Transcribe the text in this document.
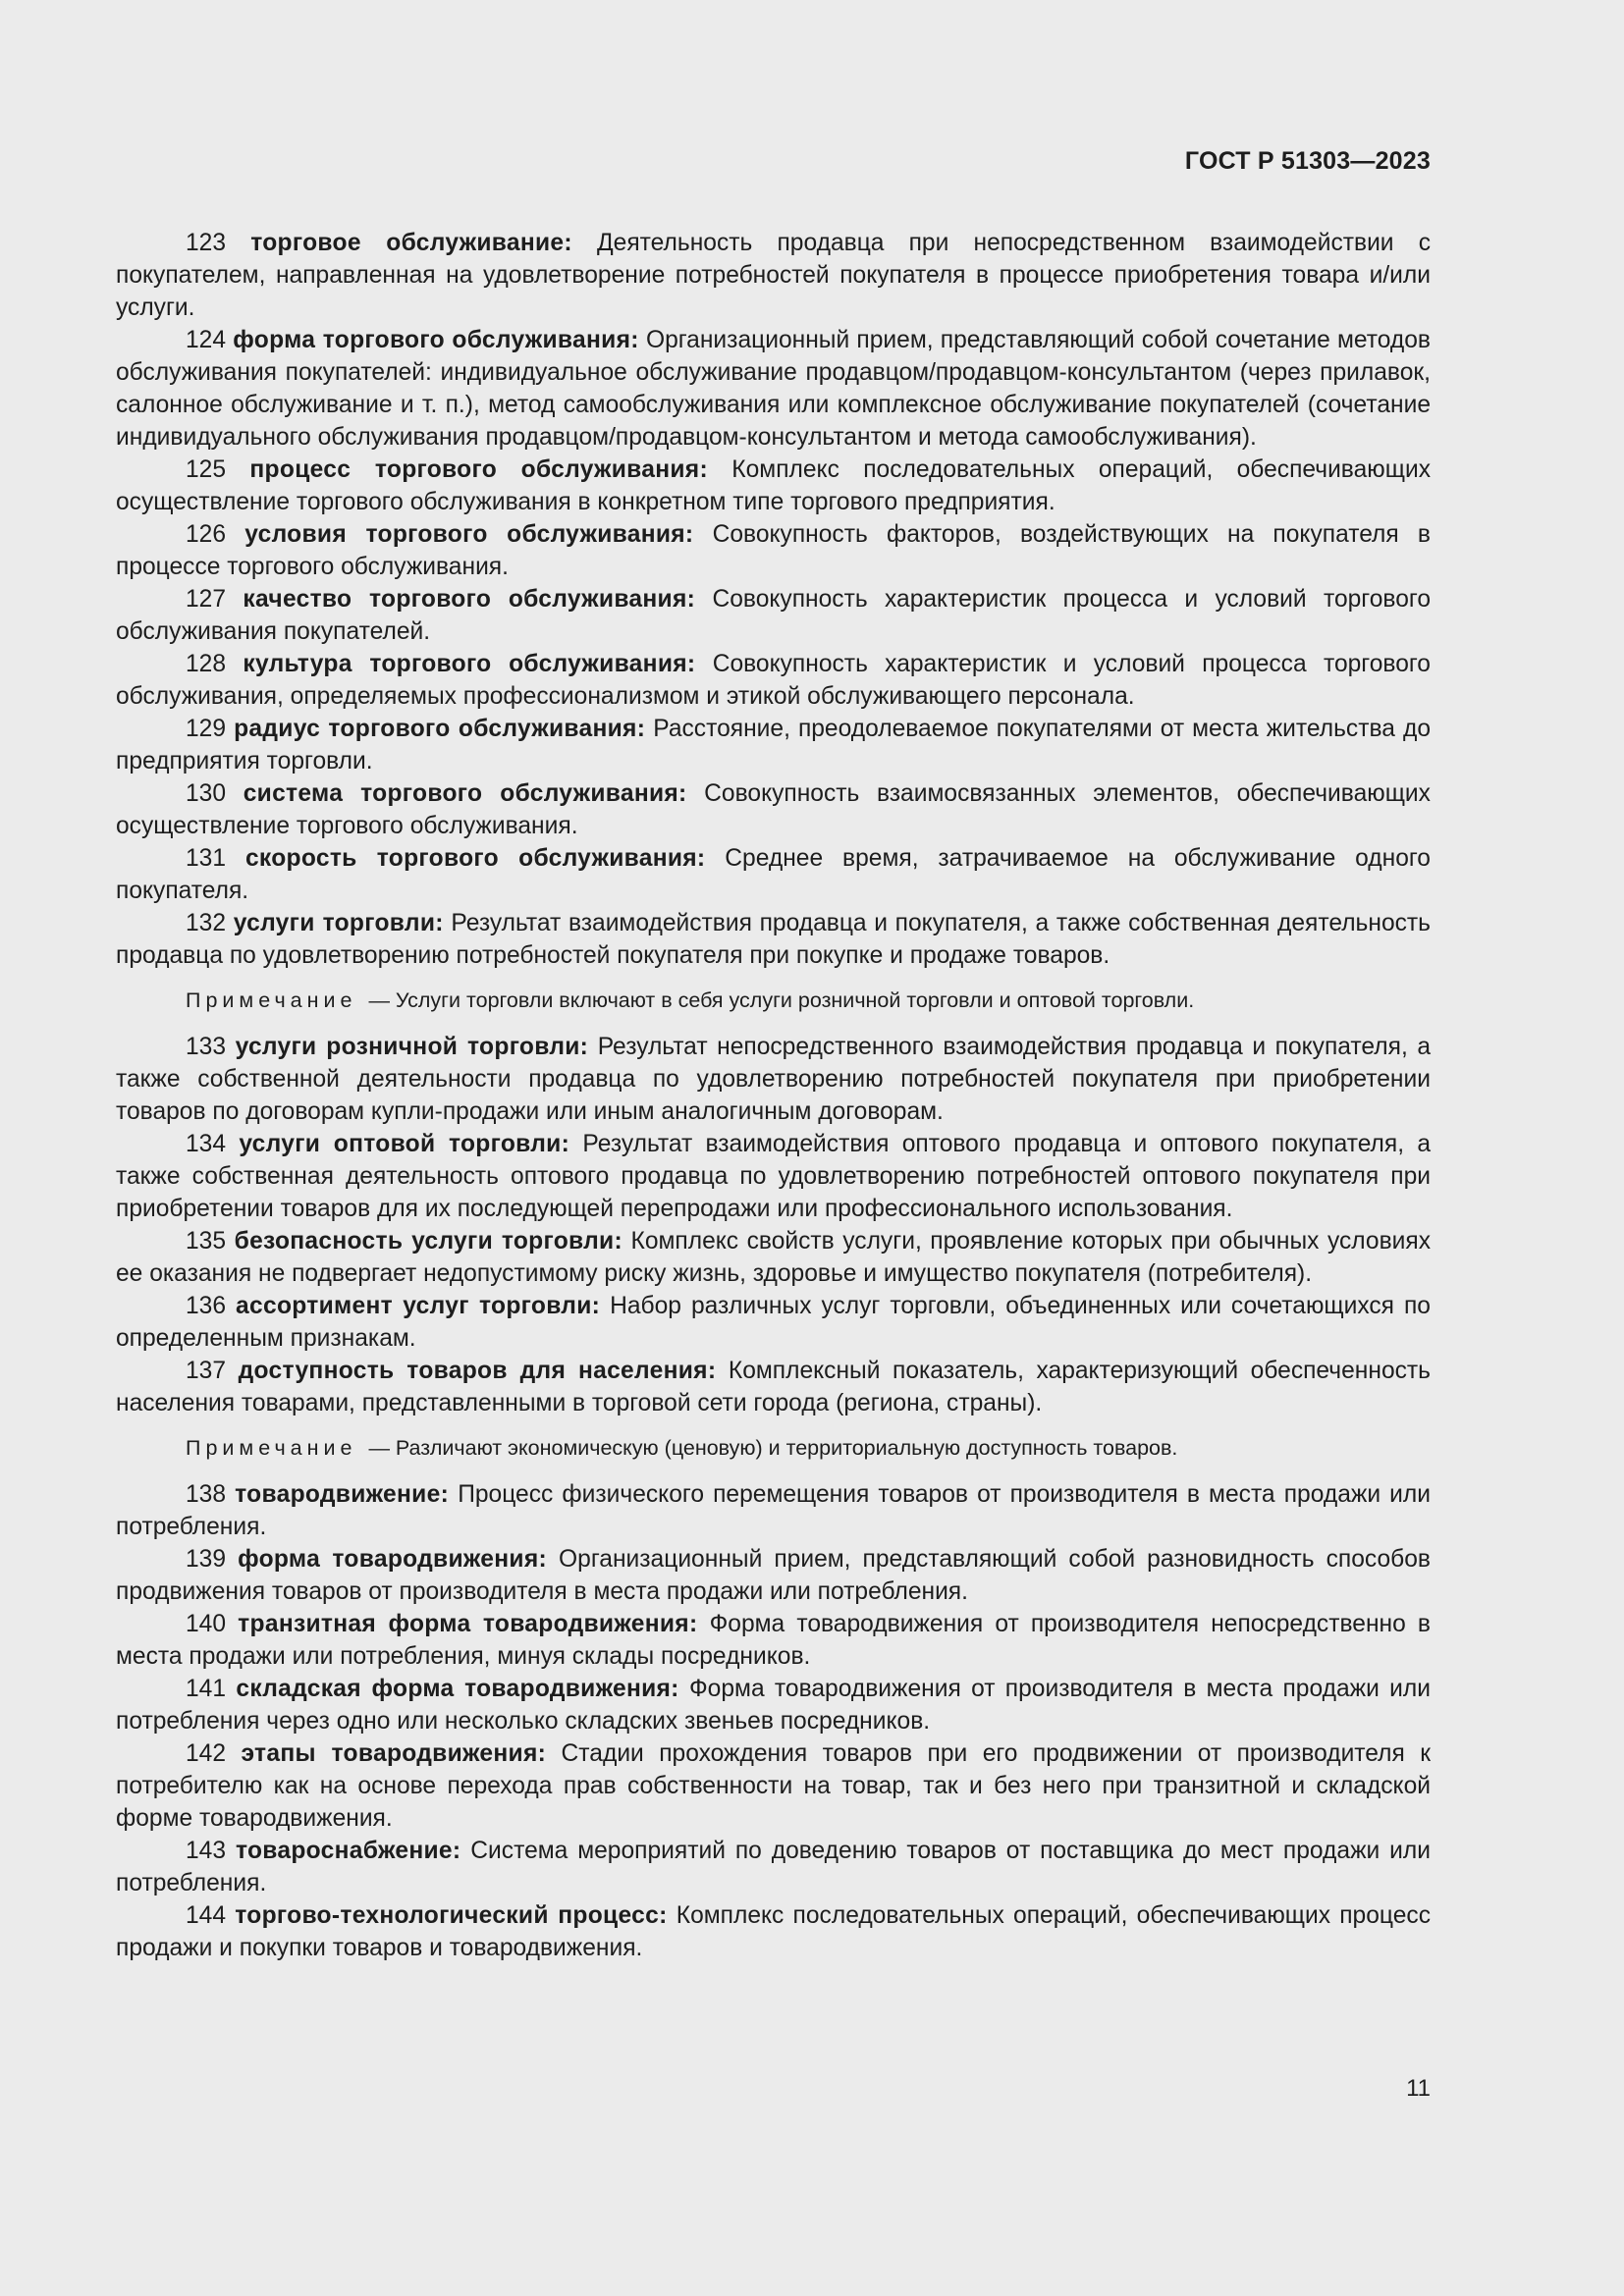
ГОСТ Р 51303—2023

123 торговое обслуживание: Деятельность продавца при непосредственном взаимодействии с покупателем, направленная на удовлетворение потребностей покупателя в процессе приобретения товара и/или услуги.

124 форма торгового обслуживания: Организационный прием, представляющий собой сочетание методов обслуживания покупателей: индивидуальное обслуживание продавцом/продавцом-консультантом (через прилавок, салонное обслуживание и т. п.), метод самообслуживания или комплексное обслуживание покупателей (сочетание индивидуального обслуживания продавцом/продавцом-консультантом и метода самообслуживания).

125 процесс торгового обслуживания: Комплекс последовательных операций, обеспечивающих осуществление торгового обслуживания в конкретном типе торгового предприятия.

126 условия торгового обслуживания: Совокупность факторов, воздействующих на покупателя в процессе торгового обслуживания.

127 качество торгового обслуживания: Совокупность характеристик процесса и условий торгового обслуживания покупателей.

128 культура торгового обслуживания: Совокупность характеристик и условий процесса торгового обслуживания, определяемых профессионализмом и этикой обслуживающего персонала.

129 радиус торгового обслуживания: Расстояние, преодолеваемое покупателями от места жительства до предприятия торговли.

130 система торгового обслуживания: Совокупность взаимосвязанных элементов, обеспечивающих осуществление торгового обслуживания.

131 скорость торгового обслуживания: Среднее время, затрачиваемое на обслуживание одного покупателя.

132 услуги торговли: Результат взаимодействия продавца и покупателя, а также собственная деятельность продавца по удовлетворению потребностей покупателя при покупке и продаже товаров.

Примечание — Услуги торговли включают в себя услуги розничной торговли и оптовой торговли.

133 услуги розничной торговли: Результат непосредственного взаимодействия продавца и покупателя, а также собственной деятельности продавца по удовлетворению потребностей покупателя при приобретении товаров по договорам купли-продажи или иным аналогичным договорам.

134 услуги оптовой торговли: Результат взаимодействия оптового продавца и оптового покупателя, а также собственная деятельность оптового продавца по удовлетворению потребностей оптового покупателя при приобретении товаров для их последующей перепродажи или профессионального использования.

135 безопасность услуги торговли: Комплекс свойств услуги, проявление которых при обычных условиях ее оказания не подвергает недопустимому риску жизнь, здоровье и имущество покупателя (потребителя).

136 ассортимент услуг торговли: Набор различных услуг торговли, объединенных или сочетающихся по определенным признакам.

137 доступность товаров для населения: Комплексный показатель, характеризующий обеспеченность населения товарами, представленными в торговой сети города (региона, страны).

Примечание — Различают экономическую (ценовую) и территориальную доступность товаров.

138 товародвижение: Процесс физического перемещения товаров от производителя в места продажи или потребления.

139 форма товародвижения: Организационный прием, представляющий собой разновидность способов продвижения товаров от производителя в места продажи или потребления.

140 транзитная форма товародвижения: Форма товародвижения от производителя непосредственно в места продажи или потребления, минуя склады посредников.

141 складская форма товародвижения: Форма товародвижения от производителя в места продажи или потребления через одно или несколько складских звеньев посредников.

142 этапы товародвижения: Стадии прохождения товаров при его продвижении от производителя к потребителю как на основе перехода прав собственности на товар, так и без него при транзитной и складской форме товародвижения.

143 товароснабжение: Система мероприятий по доведению товаров от поставщика до мест продажи или потребления.

144 торгово-технологический процесс: Комплекс последовательных операций, обеспечивающих процесс продажи и покупки товаров и товародвижения.

11
